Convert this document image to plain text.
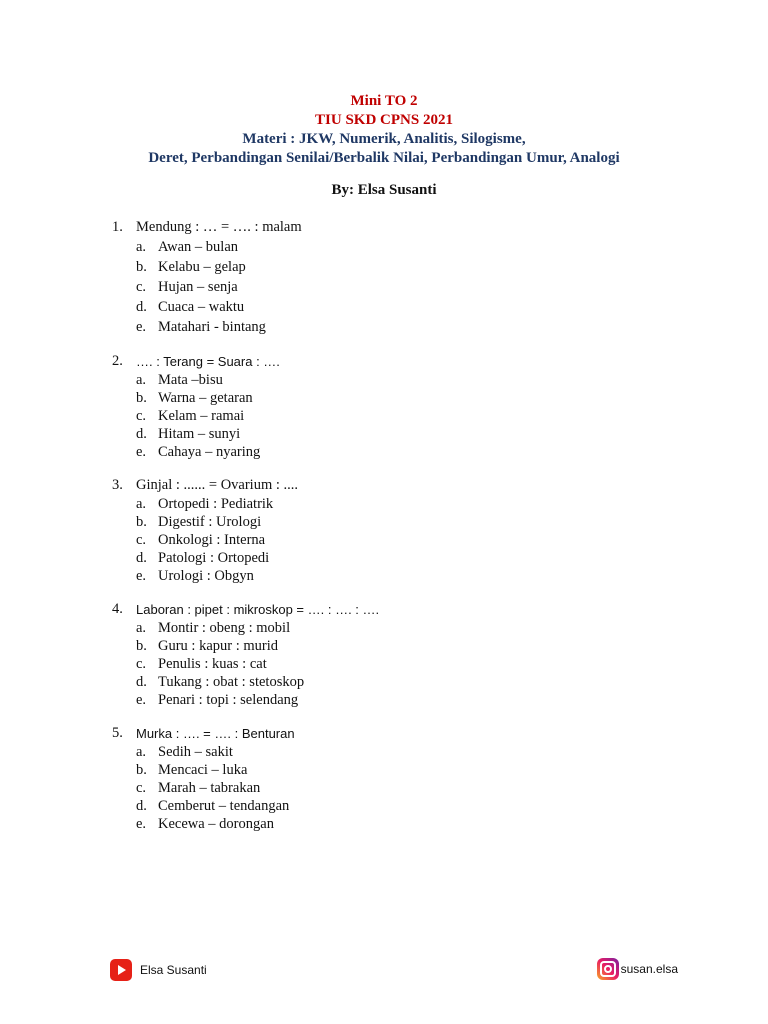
Mini TO 2
TIU SKD CPNS 2021
Materi : JKW, Numerik, Analitis, Silogisme,
Deret, Perbandingan Senilai/Berbalik Nilai, Perbandingan Umur, Analogi
By: Elsa Susanti
1. Mendung : … = …. : malam
a. Awan – bulan
b. Kelabu – gelap
c. Hujan – senja
d. Cuaca – waktu
e. Matahari - bintang
2.	…. : Terang = Suara : ….
a. Mata –bisu
b. Warna – getaran
c. Kelam – ramai
d. Hitam – sunyi
e. Cahaya – nyaring
3. Ginjal : ...... = Ovarium : ....
a. Ortopedi : Pediatrik
b. Digestif : Urologi
c. Onkologi : Interna
d. Patologi : Ortopedi
e. Urologi : Obgyn
4.	Laboran : pipet : mikroskop = …. : …. : ….
a. Montir : obeng : mobil
b. Guru : kapur : murid
c. Penulis : kuas : cat
d. Tukang : obat : stetoskop
e. Penari : topi : selendang
5.	Murka : …. = …. : Benturan
a. Sedih – sakit
b. Mencaci – luka
c. Marah – tabrakan
d. Cemberut – tendangan
e. Kecewa – dorongan
Elsa Susanti	susan.elsa
